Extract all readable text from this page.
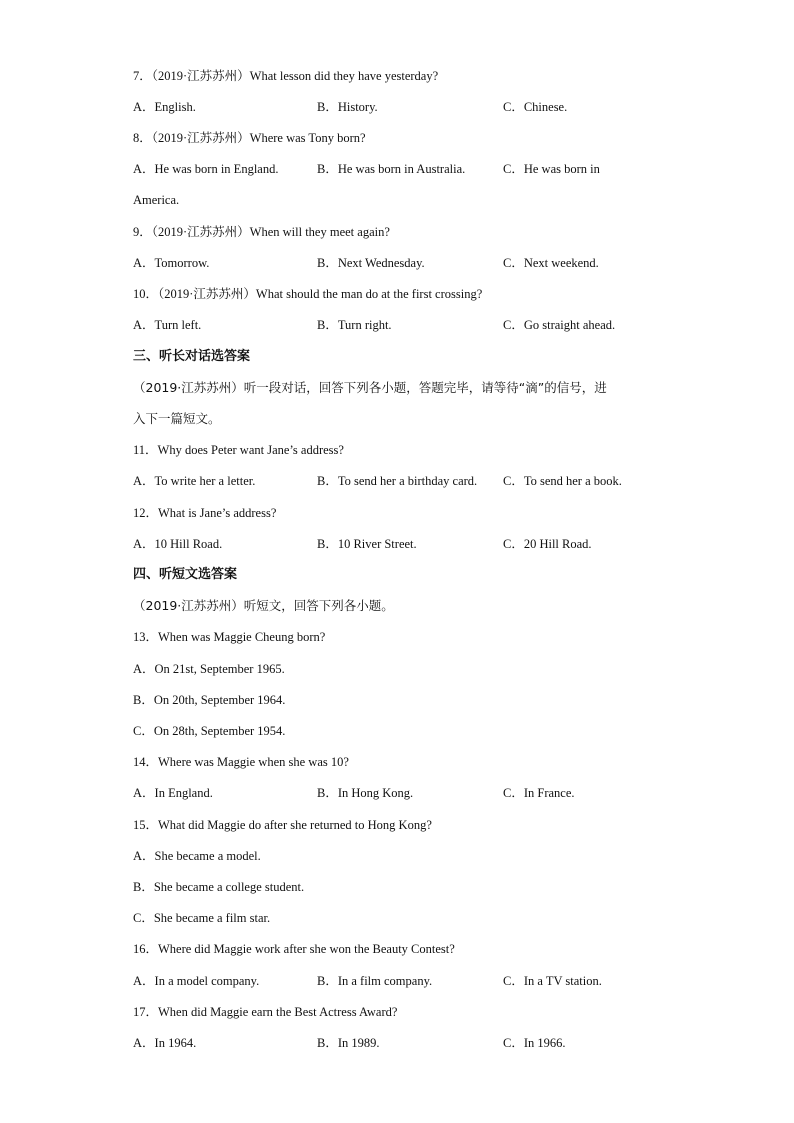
7．（2019·江苏苏州）What lesson did they have yesterday?
A．English.	B．History.	C．Chinese.
8．（2019·江苏苏州）Where was Tony born?
A．He was born in England.	B．He was born in Australia.	C．He was born in
America.
9．（2019·江苏苏州）When will they meet again?
A．Tomorrow.	B．Next Wednesday.	C．Next weekend.
10．（2019·江苏苏州）What should the man do at the first crossing?
A．Turn left.	B．Turn right.	C．Go straight ahead.
三、听长对话选答案
（2019·江苏苏州）听一段对话，回答下列各小题，答题完毕，请等待“滴”的信号，进
入下一篇短文。
11．Why does Peter want Jane’s address?
A．To write her a letter.	B．To send her a birthday card. C．To send her a book.
12．What is Jane’s address?
A．10 Hill Road.	B．10 River Street.	C．20 Hill Road.
四、听短文选答案
（2019·江苏苏州）听短文，回答下列各小题。
13．When was Maggie Cheung born?
A．On 21st, September 1965.
B．On 20th, September 1964.
C．On 28th, September 1954.
14．Where was Maggie when she was 10?
A．In England.	B．In Hong Kong.	C．In France.
15．What did Maggie do after she returned to Hong Kong?
A．She became a model.
B．She became a college student.
C．She became a film star.
16．Where did Maggie work after she won the Beauty Contest?
A．In a model company.	B．In a film company.	C．In a TV station.
17．When did Maggie earn the Best Actress Award?
A．In 1964.	B．In 1989.	C．In 1966.
